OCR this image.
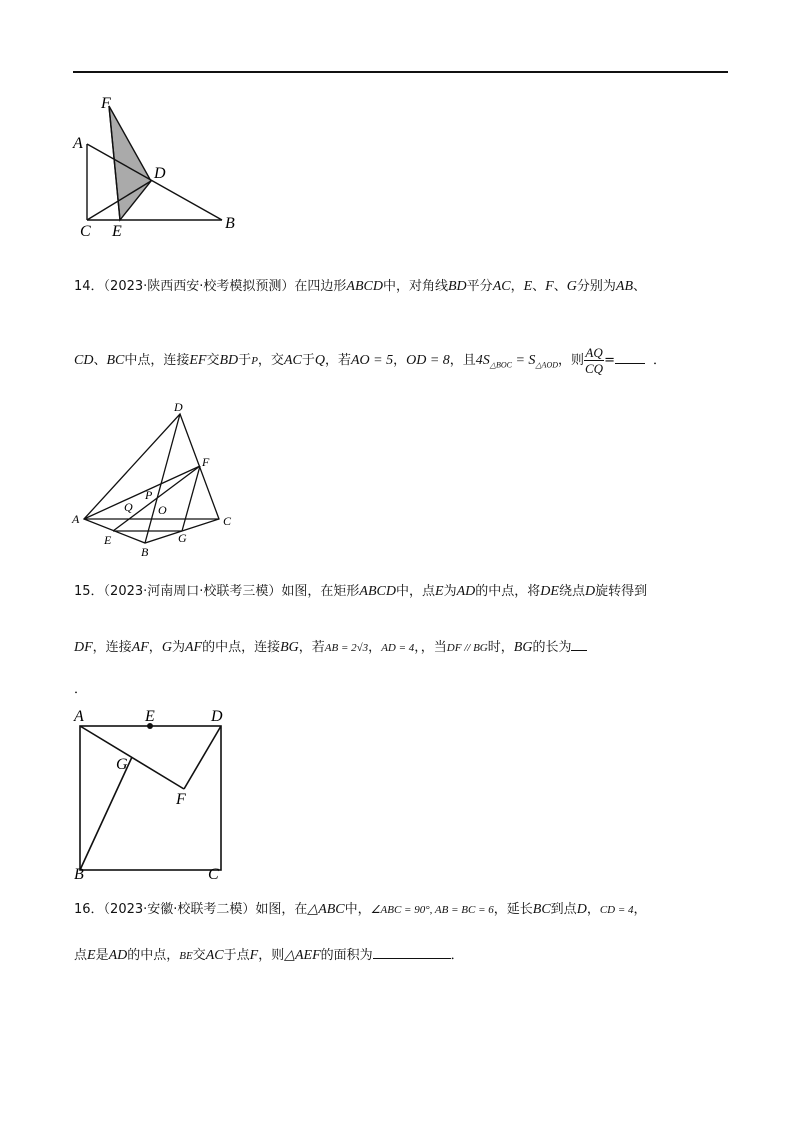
F
A
D
C E	B
14．（2023·陕西西安·校考模拟预测）在四边形ABCD中，对角线BD平分AC，E、F、G分别为AB、
CD、BC中点，连接EF交BD于P，交AC于Q，若AO = 5，OD = 8，且$4S_{\triangle BOC} = S_{\triangle AOD}$，则 $\frac{AQ}{CQ}$ =	．
D
F
P
Q O
A	C
E	G
B
15．（2023·河南周口·校联考三模）如图，在矩形ABCD中，点E为AD的中点，将DE绕点D旋转得到
DF，连接AF，G为AF的中点，连接BG，若AB = 2√3，AD = 4，，当DF // BG时，BG的长为
．
A	E	D
G
F
B	C
16．（2023·安徽·校联考二模）如图，在△ABC中，∠ABC = 90°, AB = BC = 6，延长BC到点D，CD = 4，
点E是AD的中点，BE交AC于点F，则△AEF的面积为	．
